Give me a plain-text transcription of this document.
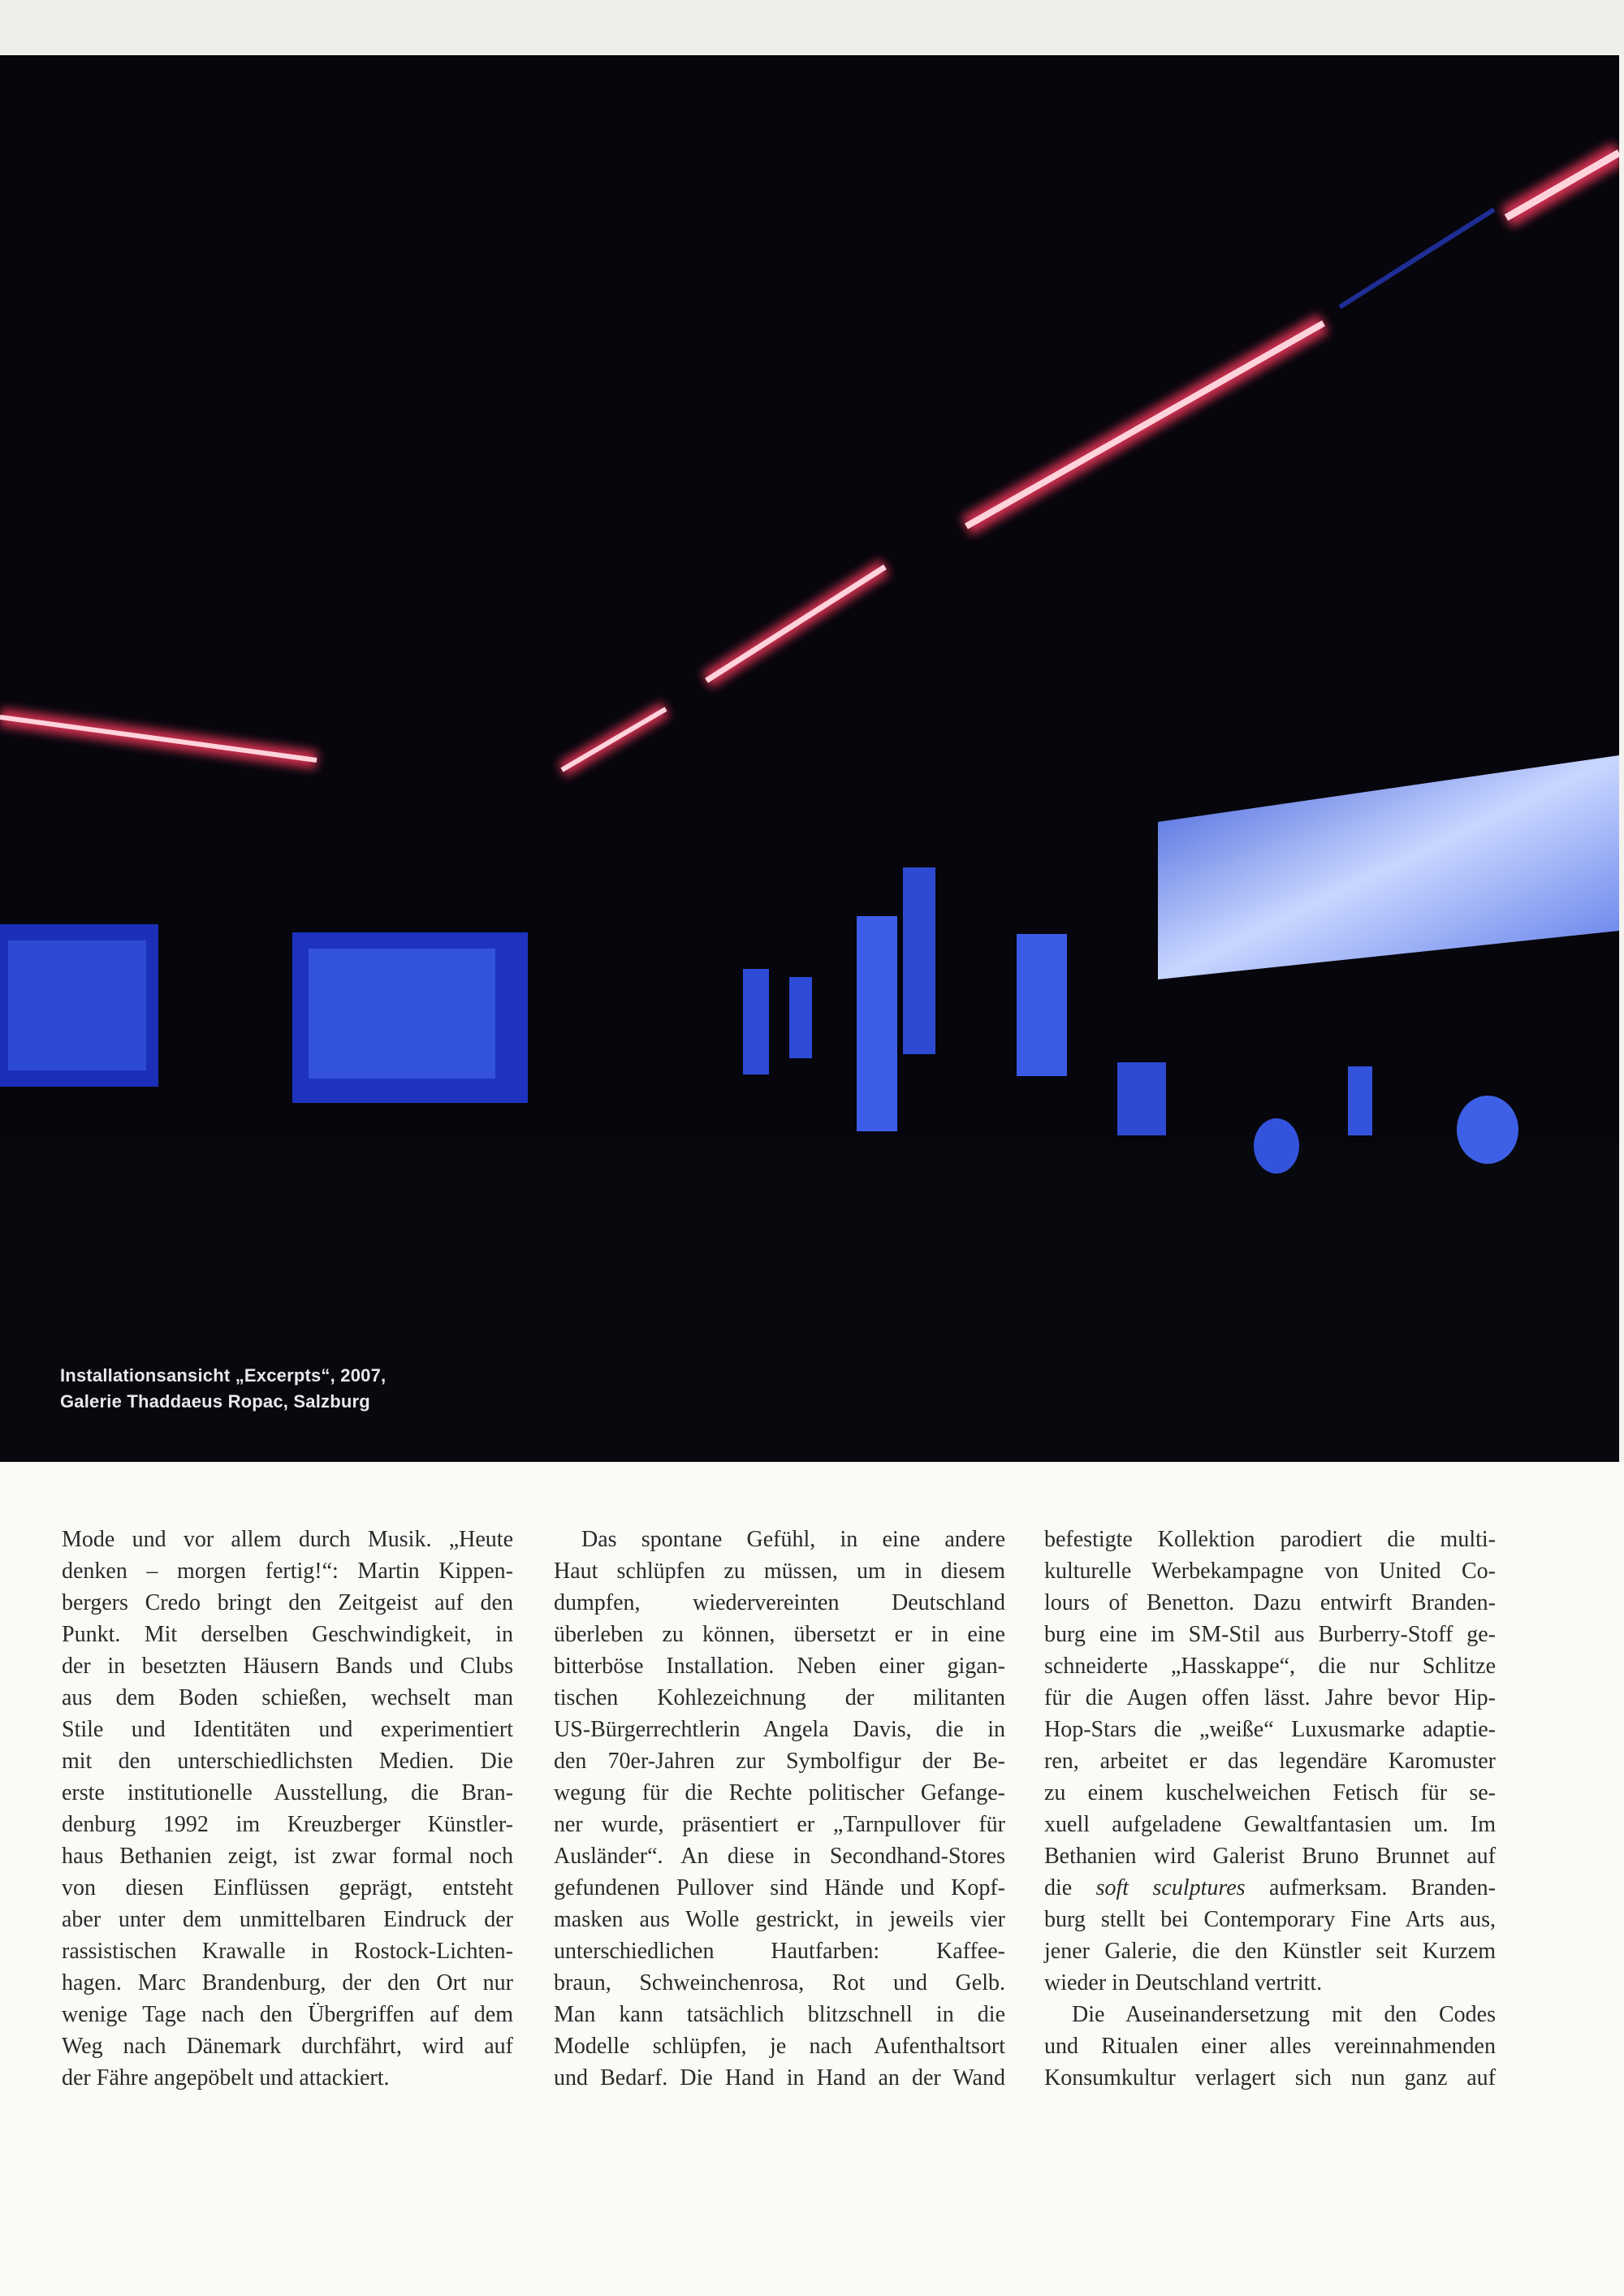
Installationsansicht „Excerpts“, 2007,
Galerie Thaddaeus Ropac, Salzburg
Mode und vor allem durch Musik. „Heute
denken – morgen fertig!“: Martin Kippen-
bergers Credo bringt den Zeitgeist auf den
Punkt. Mit derselben Geschwindigkeit, in
der in besetzten Häusern Bands und Clubs
aus dem Boden schießen, wechselt man
Stile und Identitäten und experimentiert
mit den unterschiedlichsten Medien. Die
erste institutionelle Ausstellung, die Bran-
denburg 1992 im Kreuzberger Künstler-
haus Bethanien zeigt, ist zwar formal noch
von diesen Einflüssen geprägt, entsteht
aber unter dem unmittelbaren Eindruck der
rassistischen Krawalle in Rostock-Lichten-
hagen. Marc Brandenburg, der den Ort nur
wenige Tage nach den Übergriffen auf dem
Weg nach Dänemark durchfährt, wird auf
der Fähre angepöbelt und attackiert.
Das spontane Gefühl, in eine andere
Haut schlüpfen zu müssen, um in diesem
dumpfen, wiedervereinten Deutschland
überleben zu können, übersetzt er in eine
bitterböse Installation. Neben einer gigan-
tischen Kohlezeichnung der militanten
US-Bürgerrechtlerin Angela Davis, die in
den 70er-Jahren zur Symbolfigur der Be-
wegung für die Rechte politischer Gefange-
ner wurde, präsentiert er „Tarnpullover für
Ausländer“. An diese in Secondhand-Stores
gefundenen Pullover sind Hände und Kopf-
masken aus Wolle gestrickt, in jeweils vier
unterschiedlichen Hautfarben: Kaffee-
braun, Schweinchenrosa, Rot und Gelb.
Man kann tatsächlich blitzschnell in die
Modelle schlüpfen, je nach Aufenthaltsort
und Bedarf. Die Hand in Hand an der Wand
befestigte Kollektion parodiert die multi-
kulturelle Werbekampagne von United Co-
lours of Benetton. Dazu entwirft Branden-
burg eine im SM-Stil aus Burberry-Stoff ge-
schneiderte „Hasskappe“, die nur Schlitze
für die Augen offen lässt. Jahre bevor Hip-
Hop-Stars die „weiße“ Luxusmarke adaptie-
ren, arbeitet er das legendäre Karomuster
zu einem kuschelweichen Fetisch für se-
xuell aufgeladene Gewaltfantasien um. Im
Bethanien wird Galerist Bruno Brunnet auf
die soft sculptures aufmerksam. Branden-
burg stellt bei Contemporary Fine Arts aus,
jener Galerie, die den Künstler seit Kurzem
wieder in Deutschland vertritt.
Die Auseinandersetzung mit den Codes
und Ritualen einer alles vereinnahmenden
Konsumkultur verlagert sich nun ganz auf
